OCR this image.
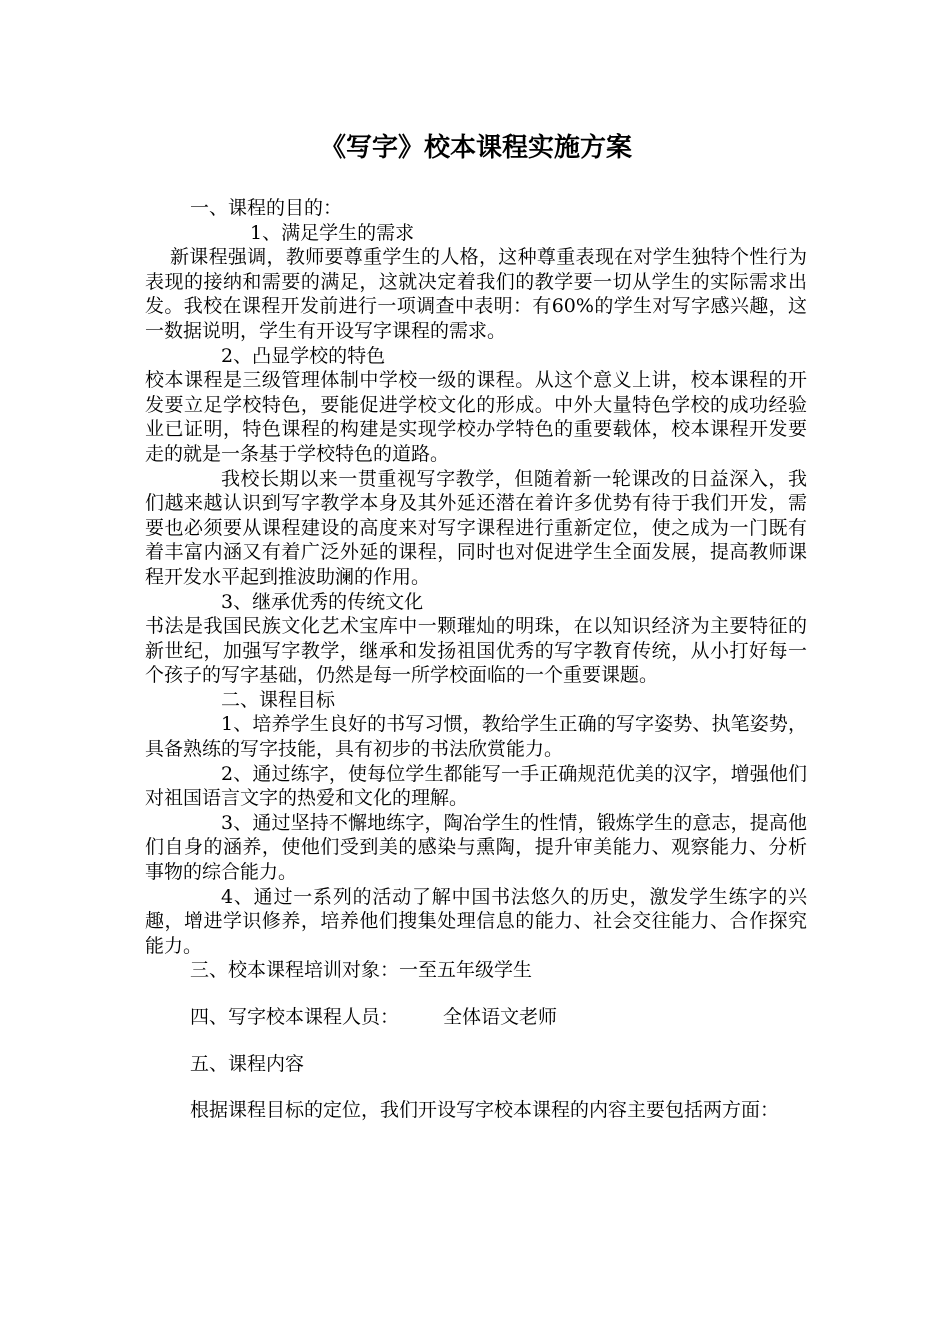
《写字》校本课程实施方案

一、课程的目的：

1、满足学生的需求

新课程强调，教师要尊重学生的人格，这种尊重表现在对学生独特个性行为表现的接纳和需要的满足，这就决定着我们的教学要一切从学生的实际需求出发。我校在课程开发前进行一项调查中表明：有60%的学生对写字感兴趣，这一数据说明，学生有开设写字课程的需求。

2、凸显学校的特色

校本课程是三级管理体制中学校一级的课程。从这个意义上讲，校本课程的开发要立足学校特色，要能促进学校文化的形成。中外大量特色学校的成功经验业已证明，特色课程的构建是实现学校办学特色的重要载体，校本课程开发要走的就是一条基于学校特色的道路。

我校长期以来一贯重视写字教学，但随着新一轮课改的日益深入，我们越来越认识到写字教学本身及其外延还潜在着许多优势有待于我们开发，需要也必须要从课程建设的高度来对写字课程进行重新定位，使之成为一门既有着丰富内涵又有着广泛外延的课程，同时也对促进学生全面发展，提高教师课程开发水平起到推波助澜的作用。

3、继承优秀的传统文化

书法是我国民族文化艺术宝库中一颗璀灿的明珠，在以知识经济为主要特征的新世纪，加强写字教学，继承和发扬祖国优秀的写字教育传统，从小打好每一个孩子的写字基础，仍然是每一所学校面临的一个重要课题。

二、课程目标

1、培养学生良好的书写习惯，教给学生正确的写字姿势、执笔姿势，具备熟练的写字技能，具有初步的书法欣赏能力。

2、通过练字，使每位学生都能写一手正确规范优美的汉字，增强他们对祖国语言文字的热爱和文化的理解。

3、通过坚持不懈地练字，陶冶学生的性情，锻炼学生的意志，提高他们自身的涵养，使他们受到美的感染与熏陶，提升审美能力、观察能力、分析事物的综合能力。

4、通过一系列的活动了解中国书法悠久的历史，激发学生练字的兴趣，增进学识修养，培养他们搜集处理信息的能力、社会交往能力、合作探究能力。

三、校本课程培训对象：一至五年级学生

四、写字校本课程人员： 全体语文老师

五、课程内容

根据课程目标的定位，我们开设写字校本课程的内容主要包括两方面：
